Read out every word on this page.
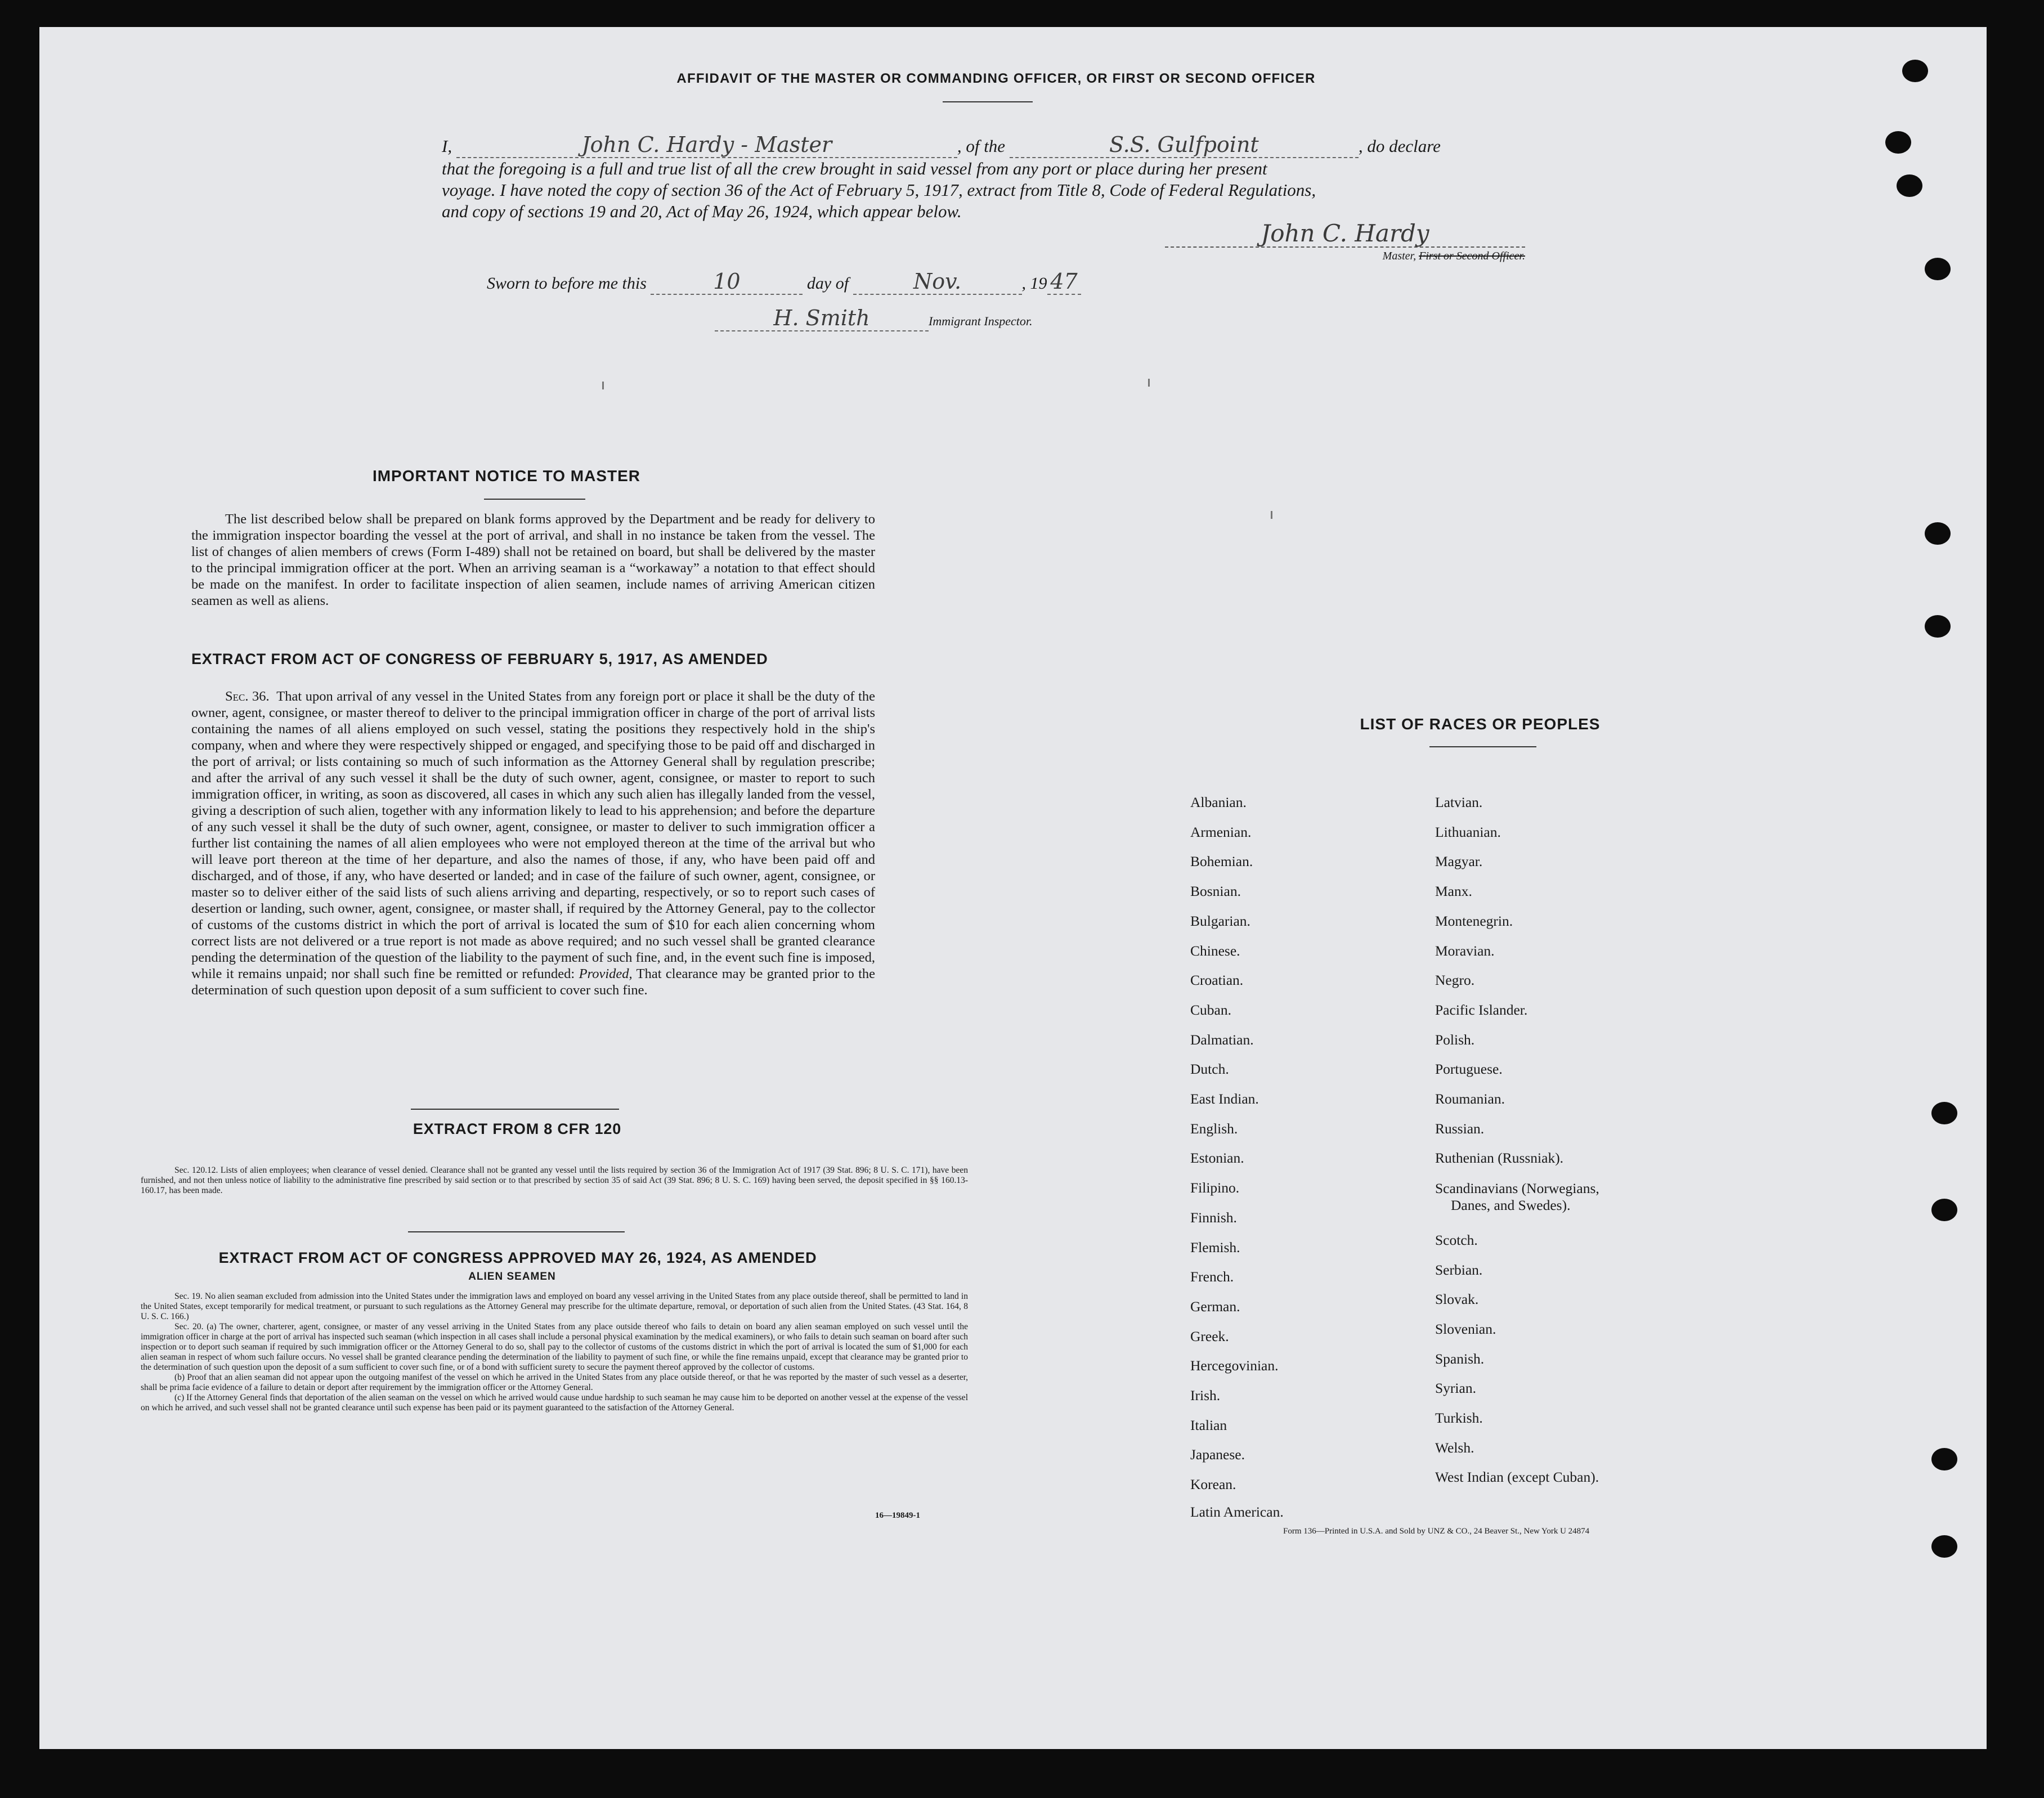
AFFIDAVIT OF THE MASTER OR COMMANDING OFFICER, OR FIRST OR SECOND OFFICER
I,	John C. Hardy - Master	, of the	S.S. Gulfpoint	, do declare
that the foregoing is a full and true list of all the crew brought in said vessel from any port or place during her present
voyage. I have noted the copy of section 36 of the Act of February 5, 1917, extract from Title 8, Code of Federal Regulations,
and copy of sections 19 and 20, Act of May 26, 1924, which appear below.
John C. Hardy
Master, First or Second Officer.
Sworn to before me this	10	day of	Nov.	, 19 47
H. Smith	Immigrant Inspector.
IMPORTANT NOTICE TO MASTER

The list described below shall be prepared on blank forms approved by the Department and be ready for delivery to the immigration inspector boarding the vessel at the port of arrival, and shall in no instance be taken from the vessel. The list of changes of alien members of crews (Form I-489) shall not be retained on board, but shall be delivered by the master to the principal immigration officer at the port. When an arriving seaman is a “workaway” a notation to that effect should be made on the manifest. In order to facilitate inspection of alien seamen, include names of arriving American citizen seamen as well as aliens.

EXTRACT FROM ACT OF CONGRESS OF FEBRUARY 5, 1917, AS AMENDED

Sec. 36. That upon arrival of any vessel in the United States from any foreign port or place it shall be the duty of the owner, agent, consignee, or master thereof to deliver to the principal immigration officer in charge of the port of arrival lists containing the names of all aliens employed on such vessel, stating the positions they respectively hold in the ship's company, when and where they were respectively shipped or engaged, and specifying those to be paid off and discharged in the port of arrival; or lists containing so much of such information as the Attorney General shall by regulation prescribe; and after the arrival of any such vessel it shall be the duty of such owner, agent, consignee, or master to report to such immigration officer, in writing, as soon as discovered, all cases in which any such alien has illegally landed from the vessel, giving a description of such alien, together with any information likely to lead to his apprehension; and before the departure of any such vessel it shall be the duty of such owner, agent, consignee, or master to deliver to such immigration officer a further list containing the names of all alien employees who were not employed thereon at the time of the arrival but who will leave port thereon at the time of her departure, and also the names of those, if any, who have been paid off and discharged, and of those, if any, who have deserted or landed; and in case of the failure of such owner, agent, consignee, or master so to deliver either of the said lists of such aliens arriving and departing, respectively, or so to report such cases of desertion or landing, such owner, agent, consignee, or master shall, if required by the Attorney General, pay to the collector of customs of the customs district in which the port of arrival is located the sum of $10 for each alien concerning whom correct lists are not delivered or a true report is not made as above required; and no such vessel shall be granted clearance pending the determination of the question of the liability to the payment of such fine, and, in the event such fine is imposed, while it remains unpaid; nor shall such fine be remitted or refunded: Provided, That clearance may be granted prior to the determination of such question upon deposit of a sum sufficient to cover such fine.

EXTRACT FROM 8 CFR 120

Sec. 120.12. Lists of alien employees; when clearance of vessel denied. Clearance shall not be granted any vessel until the lists required by section 36 of the Immigration Act of 1917 (39 Stat. 896; 8 U. S. C. 171), have been furnished, and not then unless notice of liability to the administrative fine prescribed by said section or to that prescribed by section 35 of said Act (39 Stat. 896; 8 U. S. C. 169) having been served, the deposit specified in §§ 160.13-160.17, has been made.

EXTRACT FROM ACT OF CONGRESS APPROVED MAY 26, 1924, AS AMENDED
ALIEN SEAMEN

Sec. 19. No alien seaman excluded from admission into the United States under the immigration laws and employed on board any vessel arriving in the United States from any place outside thereof, shall be permitted to land in the United States, except temporarily for medical treatment, or pursuant to such regulations as the Attorney General may prescribe for the ultimate departure, removal, or deportation of such alien from the United States. (43 Stat. 164, 8 U. S. C. 166.)

Sec. 20. (a) The owner, charterer, agent, consignee, or master of any vessel arriving in the United States from any place outside thereof who fails to detain on board any alien seaman employed on such vessel until the immigration officer in charge at the port of arrival has inspected such seaman (which inspection in all cases shall include a personal physical examination by the medical examiners), or who fails to detain such seaman on board after such inspection or to deport such seaman if required by such immigration officer or the Attorney General to do so, shall pay to the collector of customs of the customs district in which the port of arrival is located the sum of $1,000 for each alien seaman in respect of whom such failure occurs. No vessel shall be granted clearance pending the determination of the liability to payment of such fine, or while the fine remains unpaid, except that clearance may be granted prior to the determination of such question upon the deposit of a sum sufficient to cover such fine, or of a bond with sufficient surety to secure the payment thereof approved by the collector of customs.

(b) Proof that an alien seaman did not appear upon the outgoing manifest of the vessel on which he arrived in the United States from any place outside thereof, or that he was reported by the master of such vessel as a deserter, shall be prima facie evidence of a failure to detain or deport after requirement by the immigration officer or the Attorney General.

(c) If the Attorney General finds that deportation of the alien seaman on the vessel on which he arrived would cause undue hardship to such seaman he may cause him to be deported on another vessel at the expense of the vessel on which he arrived, and such vessel shall not be granted clearance until such expense has been paid or its payment guaranteed to the satisfaction of the Attorney General.

16—19849-1
LIST OF RACES OR PEOPLES
Albanian.
Armenian.
Bohemian.
Bosnian.
Bulgarian.
Chinese.
Croatian.
Cuban.
Dalmatian.
Dutch.
East Indian.
English.
Estonian.
Filipino.
Finnish.
Flemish.
French.
German.
Greek.
Hercegovinian.
Irish.
Italian
Japanese.
Korean.
Latin American.
Latvian.
Lithuanian.
Magyar.
Manx.
Montenegrin.
Moravian.
Negro.
Pacific Islander.
Polish.
Portuguese.
Roumanian.
Russian.
Ruthenian (Russniak).
Scandinavians (Norwegians,
Danes, and Swedes).
Scotch.
Serbian.
Slovak.
Slovenian.
Spanish.
Syrian.
Turkish.
Welsh.
West Indian (except Cuban).
Form 136—Printed in U.S.A. and Sold by UNZ & CO., 24 Beaver St., New York U 24874
